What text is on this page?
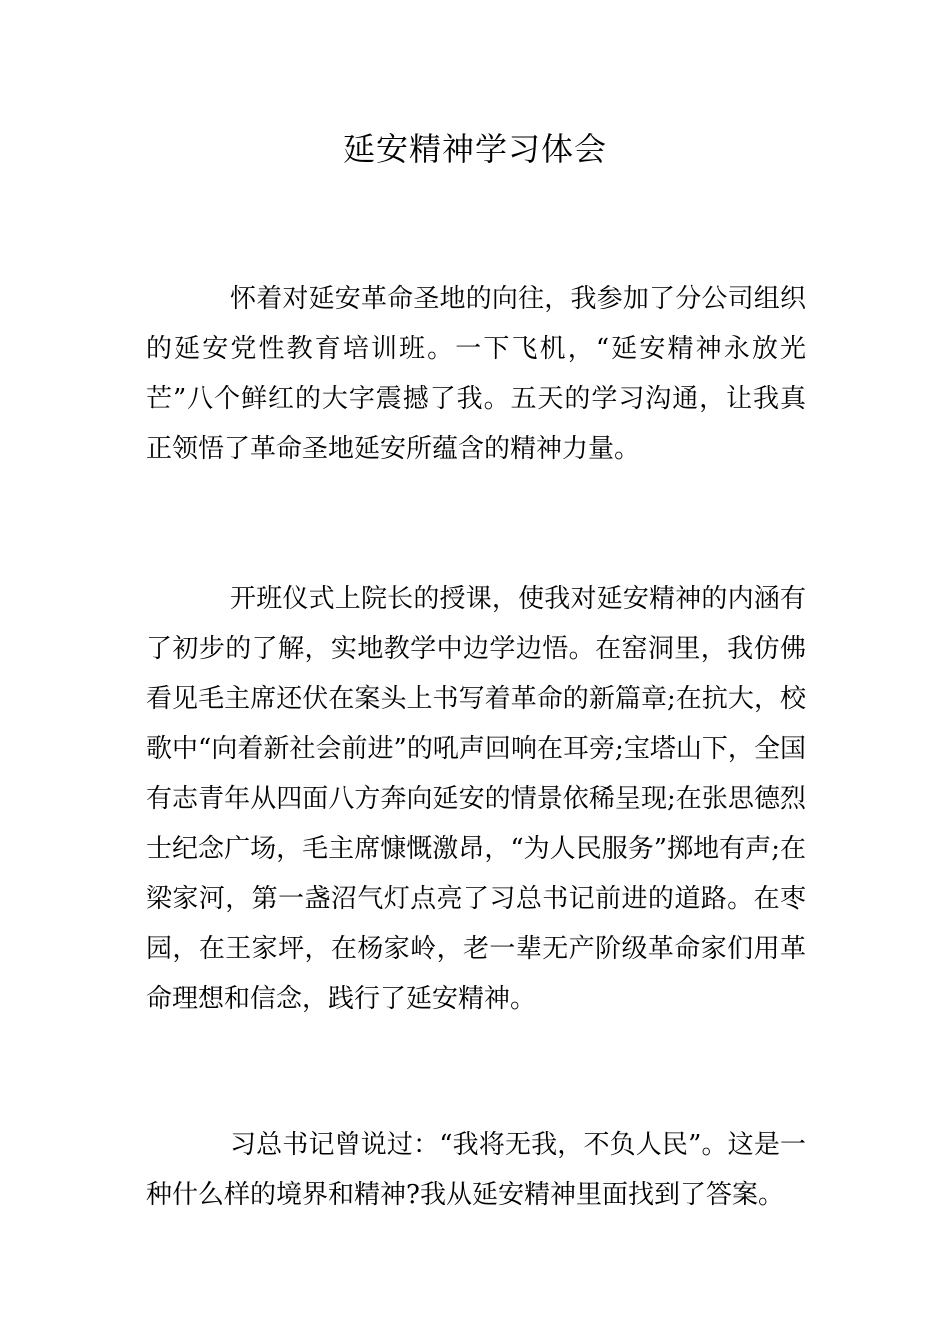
延安精神学习体会

怀着对延安革命圣地的向往，我参加了分公司组织的延安党性教育培训班。一下飞机，“延安精神永放光芒”八个鲜红的大字震撼了我。五天的学习沟通，让我真正领悟了革命圣地延安所蕴含的精神力量。

开班仪式上院长的授课，使我对延安精神的内涵有了初步的了解，实地教学中边学边悟。在窑洞里，我仿佛看见毛主席还伏在案头上书写着革命的新篇章;在抗大，校歌中“向着新社会前进”的吼声回响在耳旁;宝塔山下，全国有志青年从四面八方奔向延安的情景依稀呈现;在张思德烈士纪念广场，毛主席慷慨激昂，“为人民服务”掷地有声;在梁家河，第一盏沼气灯点亮了习总书记前进的道路。在枣园，在王家坪，在杨家岭，老一辈无产阶级革命家们用革命理想和信念，践行了延安精神。

习总书记曾说过：“我将无我，不负人民”。这是一种什么样的境界和精神?我从延安精神里面找到了答案。
